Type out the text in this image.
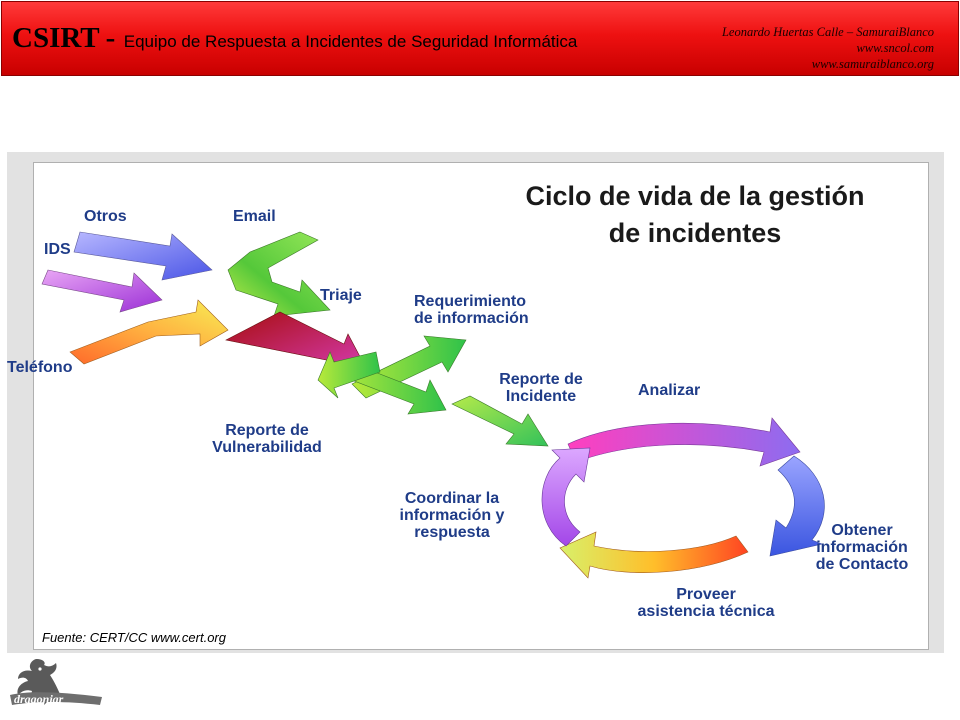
CSIRT - Equipo de Respuesta a Incidentes de Seguridad Informática	Leonardo Huertas Calle – SamuraiBlanco
www.sncol.com
www.samuraiblanco.org
Ciclo de vida de la gestión
de incidentes
Otros	Email
IDS
Triaje
Teléfono
Requerimiento
de información
Reporte de
Incidente
Reporte de
Vulnerabilidad
Analizar
Coordinar la
información y
respuesta	Obtener
información
de Contacto
Proveer
asistencia técnica
Fuente: CERT/CC www.cert.org
dragonjar
